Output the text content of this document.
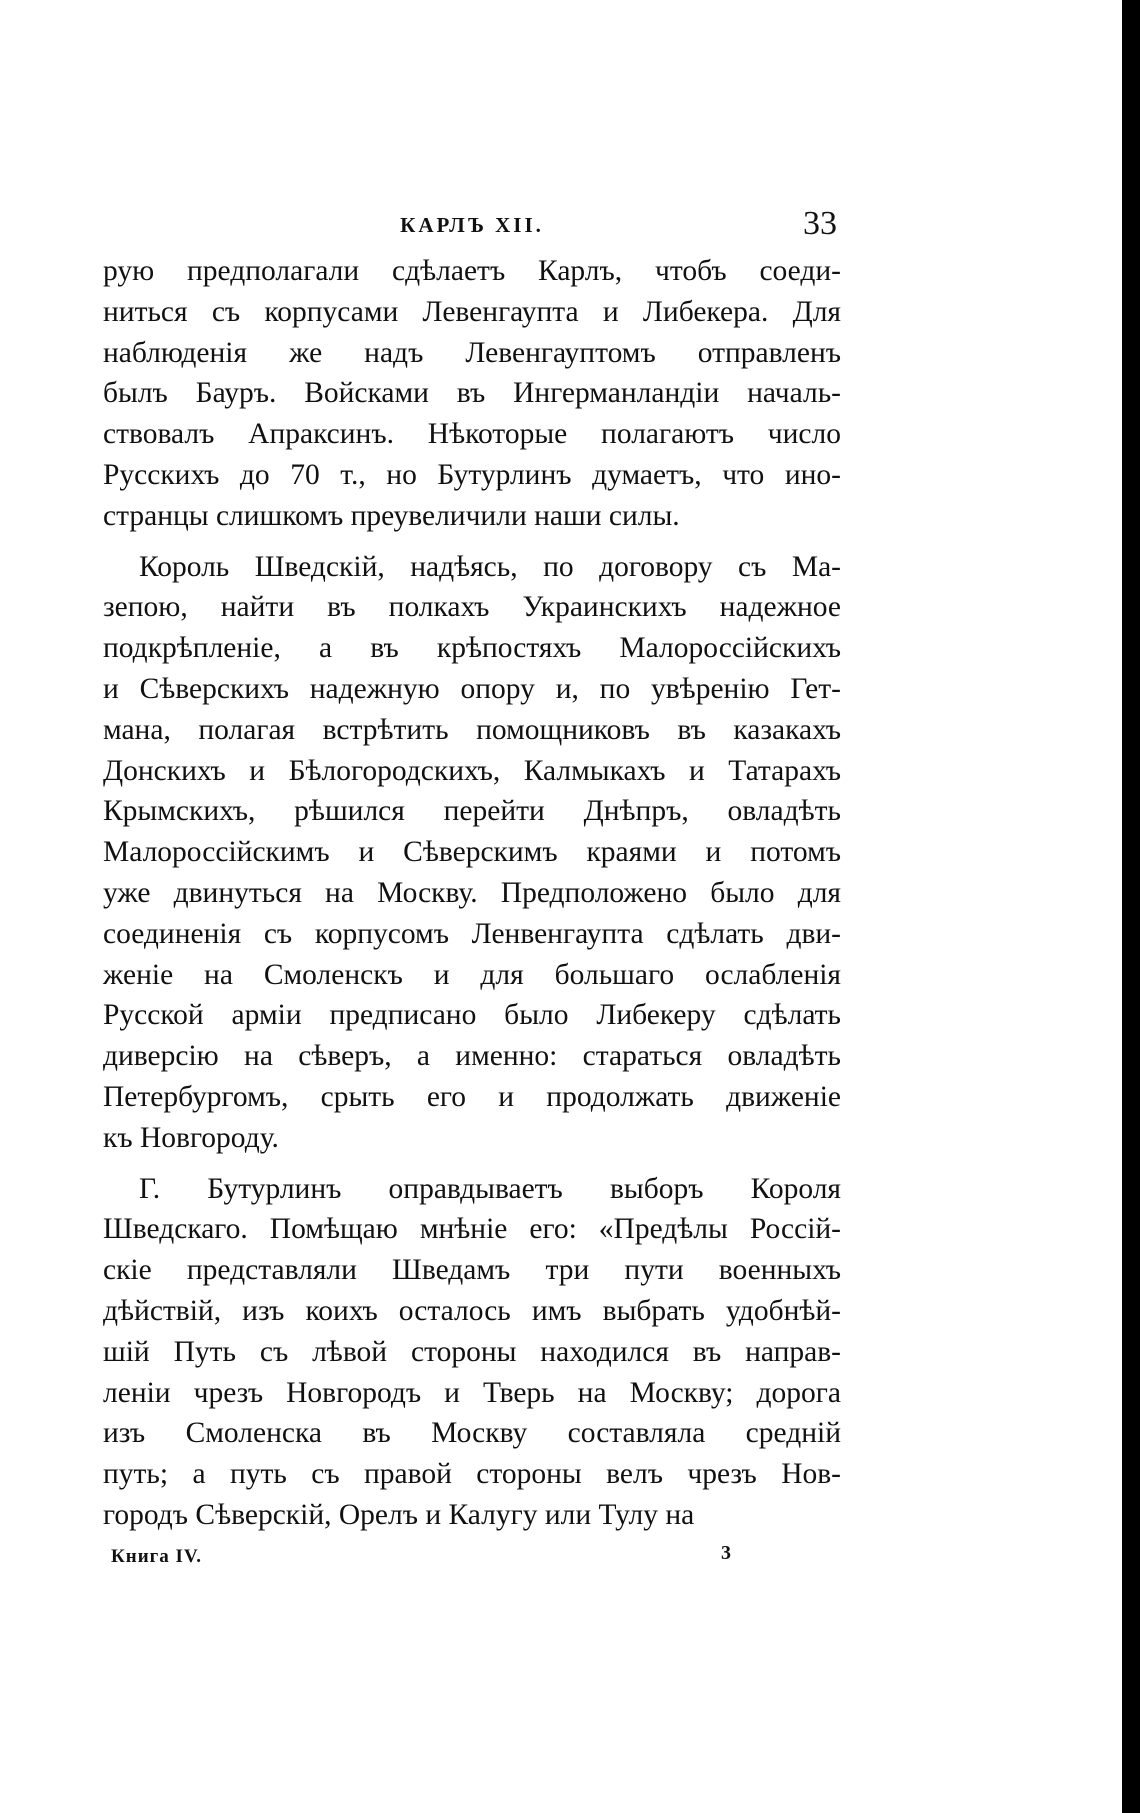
КАРЛЪ XII.	33
рую предполагали сдѣлаетъ Карлъ, чтобъ соеди-
ниться съ корпусами Левенгаупта и Либекера. Для
наблюденія же надъ Левенгауптомъ отправленъ
былъ Бауръ. Войсками въ Ингерманландіи началь-
ствовалъ Апраксинъ. Нѣкоторые полагаютъ число
Русскихъ до 70 т., но Бутурлинъ думаетъ, что ино-
странцы слишкомъ преувеличили наши силы.
Король Шведскій, надѣясь, по договору съ Ма-
зепою, найти въ полкахъ Украинскихъ надежное
подкрѣпленіе, а въ крѣпостяхъ Малороссійскихъ
и Сѣверскихъ надежную опору и, по увѣренію Гет-
мана, полагая встрѣтить помощниковъ въ казакахъ
Донскихъ и Бѣлогородскихъ, Калмыкахъ и Татарахъ
Крымскихъ, рѣшился перейти Днѣпръ, овладѣть
Малороссійскимъ и Сѣверскимъ краями и потомъ
уже двинуться на Москву. Предположено было для
соединенія съ корпусомъ Ленвенгаупта сдѣлать дви-
женіе на Смоленскъ и для большаго ослабленія
Русской арміи предписано было Либекеру сдѣлать
диверсію на сѣверъ, а именно: стараться овладѣть
Петербургомъ, срыть его и продолжать движеніе
къ Новгороду.
Г. Бутурлинъ оправдываетъ выборъ Короля
Шведскаго. Помѣщаю мнѣніе его: «Предѣлы Россій-
скіе представляли Шведамъ три пути военныхъ
дѣйствій, изъ коихъ осталось имъ выбрать удобнѣй-
шій Путь съ лѣвой стороны находился въ направ-
леніи чрезъ Новгородъ и Тверь на Москву; дорога
изъ Смоленска въ Москву составляла средній
путь; а путь съ правой стороны велъ чрезъ Нов-
городъ Сѣверскій, Орелъ и Калугу или Тулу на
Книга IV.	3
